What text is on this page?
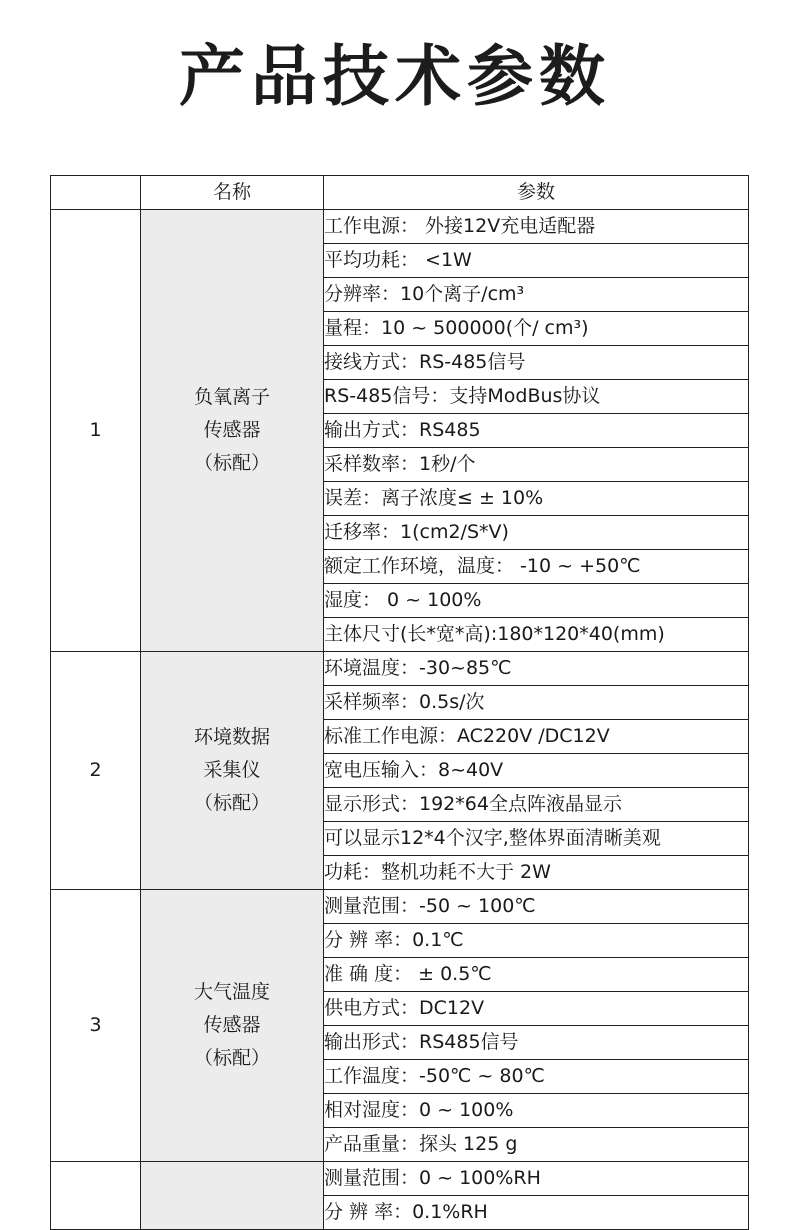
产品技术参数
	名称	参数
1	负氧离子
传感器
（标配）	工作电源： 外接12V充电适配器
		平均功耗： <1W
		分辨率：10个离子/cm³
		量程：10 ~ 500000(个/ cm³)
		接线方式：RS-485信号
		RS-485信号：支持ModBus协议
		输出方式：RS485
		采样数率：1秒/个
		误差：离子浓度≤ ± 10%
		迁移率：1(cm2/S*V)
		额定工作环境，温度： -10 ~ +50℃
		湿度： 0 ~ 100%
		主体尺寸(长*宽*高):180*120*40(mm)
2	环境数据
采集仪
（标配）	环境温度：-30~85℃
		采样频率：0.5s/次
		标准工作电源：AC220V /DC12V
		宽电压输入：8~40V
		显示形式：192*64全点阵液晶显示
		可以显示12*4个汉字,整体界面清晰美观
		功耗：整机功耗不大于 2W
3	大气温度
传感器
（标配）	测量范围：-50 ~ 100℃
		分 辨 率：0.1℃
		准 确 度： ± 0.5℃
		供电方式：DC12V
		输出形式：RS485信号
		工作温度：-50℃ ~ 80℃
		相对湿度：0 ~ 100%
		产品重量：探头 125 g
		测量范围：0 ~ 100%RH
		分 辨 率：0.1%RH
